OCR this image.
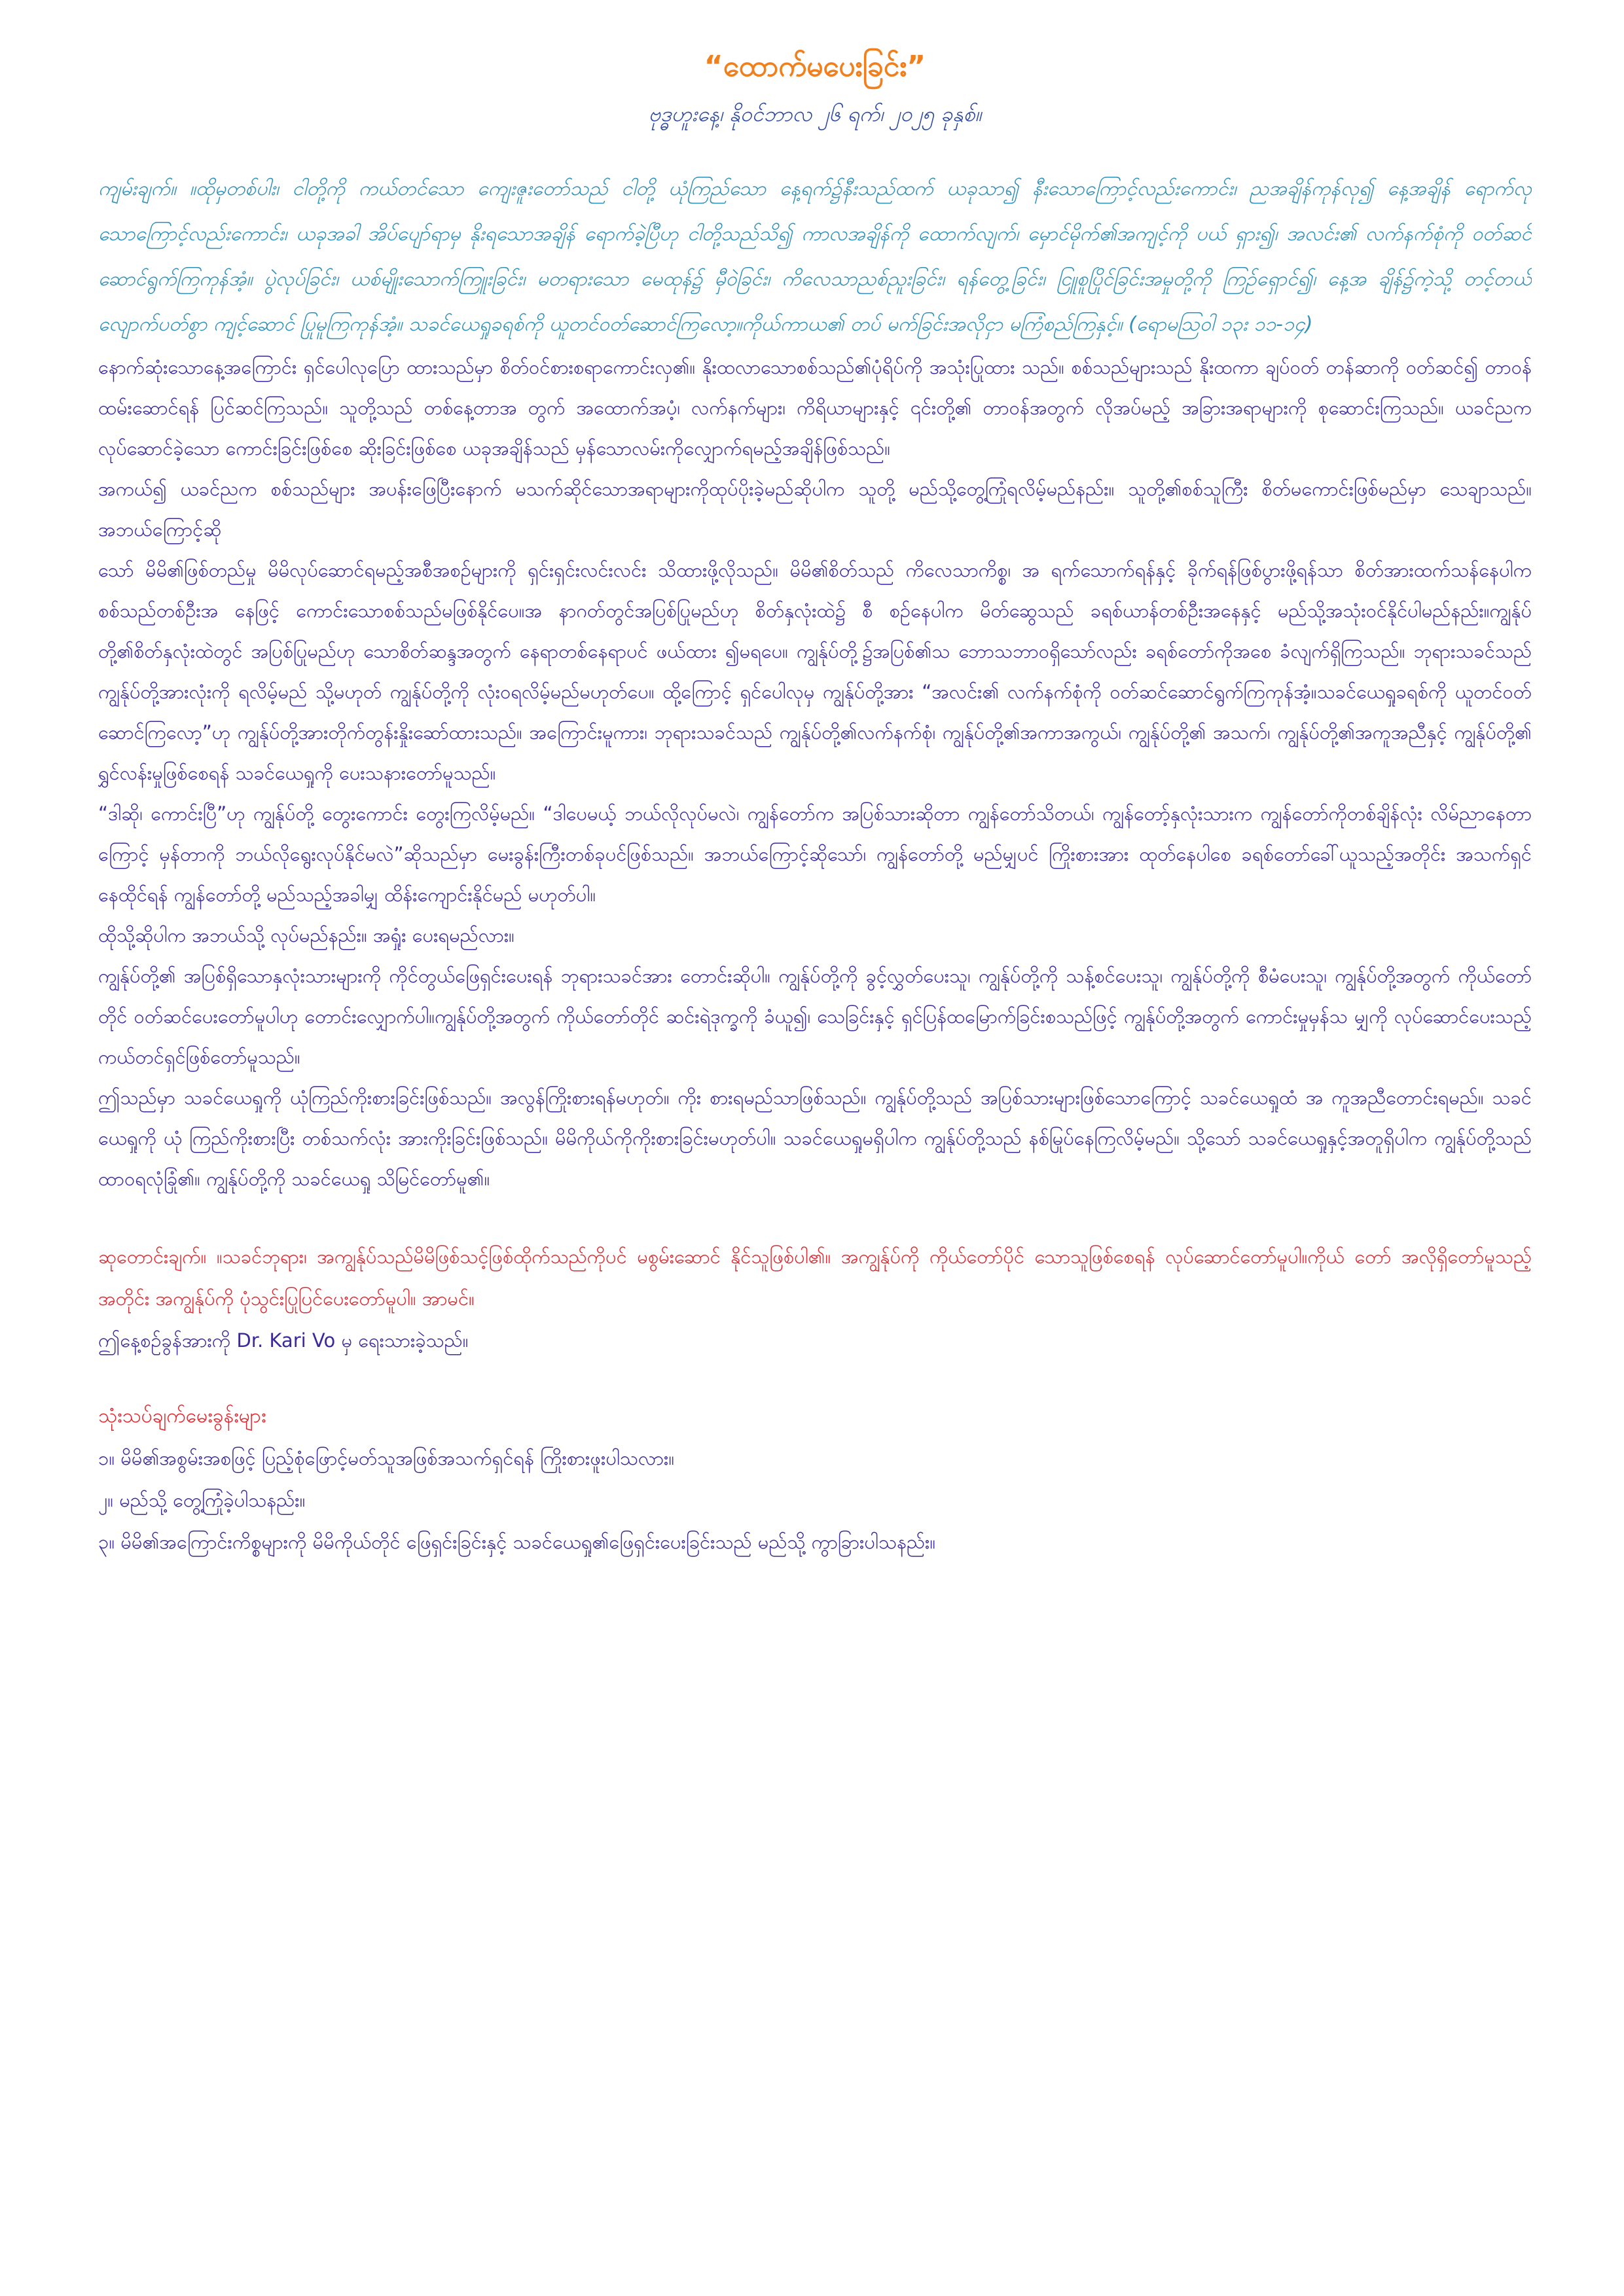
“ထောက်မပေးခြင်း”
ဗုဒ္ဓဟူးနေ့၊ နိုဝင်ဘာလ ၂၆ ရက်၊ ၂၀၂၅ ခုနှစ်။

ကျမ်းချက်။ ။ထိုမှတစ်ပါး၊ ငါတို့ကို ကယ်တင်သော ကျေးဇူးတော်သည် ငါတို့ ယုံကြည်သော နေ့ရက်၌နီးသည်ထက် ယခုသာ၍ နီးသောကြောင့်လည်းကောင်း၊ ညအချိန်ကုန်လု၍ နေ့အချိန် ရောက်လုသောကြောင့်လည်းကောင်း၊ ယခုအခါ အိပ်ပျော်ရာမှ နိုးရသောအချိန် ရောက်ခဲ့ပြီဟု ငါတို့သည်သိ၍ ကာလအချိန်ကို ထောက်လျက်၊ မှောင်မိုက်၏အကျင့်ကို ပယ် ရှား၍၊ အလင်း၏ လက်နက်စုံကို ဝတ်ဆင်ဆောင်ရွက်ကြကုန်အံ့။ ပွဲလုပ်ခြင်း၊ ယစ်မျိုးသောက်ကြူးခြင်း၊ မတရားသော မေထုန်၌ မှီဝဲခြင်း၊ ကိလေသာညစ်ညူးခြင်း၊ ရန်တွေ့ခြင်း၊ ငြူစူပြိုင်ခြင်းအမှုတို့ကို ကြဉ်ရှောင်၍၊ နေ့အ ချိန်၌ကဲ့သို့ တင့်တယ်လျောက်ပတ်စွာ ကျင့်ဆောင် ပြုမူကြကုန်အံ့။ သခင်ယေရှုခရစ်ကို ယူတင်ဝတ်ဆောင်ကြလော့။ကိုယ်ကာယ၏ တပ် မက်ခြင်းအလိုငှာ မကြံစည်ကြနှင့်။ (ရောမဩဝါ ၁၃း ၁၁-၁၄)

နောက်ဆုံးသောနေ့အကြောင်း ရှင်ပေါလုပြော ထားသည်မှာ စိတ်ဝင်စားစရာကောင်းလှ၏။ နိုးထလာသောစစ်သည်၏ပုံရိပ်ကို အသုံးပြုထား သည်။ စစ်သည်များသည် နိုးထကာ ချပ်ဝတ် တန်ဆာကို ဝတ်ဆင်၍ တာဝန်ထမ်းဆောင်ရန် ပြင်ဆင်ကြသည်။ သူတို့သည် တစ်နေ့တာအ တွက် အထောက်အပံ့၊ လက်နက်များ၊ ကိရိယာများနှင့် ၎င်းတို့၏ တာဝန်အတွက် လိုအပ်မည့် အခြားအရာများကို စုဆောင်းကြသည်။ ယခင်ညက လုပ်ဆောင်ခဲ့သော ကောင်းခြင်းဖြစ်စေ ဆိုးခြင်းဖြစ်စေ ယခုအချိန်သည် မှန်သောလမ်းကိုလျှောက်ရမည့်အချိန်ဖြစ်သည်။

အကယ်၍ ယခင်ညက စစ်သည်များ အပန်းဖြေပြီးနောက် မသက်ဆိုင်သောအရာများကိုထုပ်ပိုးခဲ့မည်ဆိုပါက သူတို့ မည်သို့တွေ့ကြုံရလိမ့်မည်နည်း။ သူတို့၏စစ်သူကြီး စိတ်မကောင်းဖြစ်မည်မှာ သေချာသည်။ အဘယ်ကြောင့်ဆို

သော် မိမိ၏ဖြစ်တည်မှု မိမိလုပ်ဆောင်ရမည့်အစီအစဉ်များကို ရှင်းရှင်းလင်းလင်း သိထားဖို့လိုသည်။ မိမိ၏စိတ်သည် ကိလေသာကိစ္စ၊ အ ရက်သောက်ရန်နှင့် ခိုက်ရန်ဖြစ်ပွားဖို့ရန်သာ စိတ်အားထက်သန်နေပါက စစ်သည်တစ်ဦးအ နေဖြင့် ကောင်းသောစစ်သည်မဖြစ်နိုင်ပေ။အ နာဂတ်တွင်အပြစ်ပြုမည်ဟု စိတ်နှလုံးထဲ၌ စီ စဉ်နေပါက မိတ်ဆွေသည် ခရစ်ယာန်တစ်ဦးအနေနှင့် မည်သို့အသုံးဝင်နိုင်ပါမည်နည်း။ကျွန်ုပ်တို့၏စိတ်နှလုံးထဲတွင် အပြစ်ပြုမည်ဟု သောစိတ်ဆန္ဒအတွက် နေရာတစ်နေရာပင် ဖယ်ထား ၍မရပေ။ ကျွန်ုပ်တို့၌အပြစ်၏သ ဘောသဘာဝရှိသော်လည်း ခရစ်တော်ကိုအစေ ခံလျက်ရှိကြသည်။ ဘုရားသခင်သည် ကျွန်ုပ်တို့အားလုံးကို ရလိမ့်မည် သို့မဟုတ် ကျွန်ုပ်တို့ကို လုံးဝရလိမ့်မည်မဟုတ်ပေ။ ထို့ကြောင့် ရှင်ပေါလုမှ ကျွန်ုပ်တို့အား “အလင်း၏ လက်နက်စုံကို ဝတ်ဆင်ဆောင်ရွက်ကြကုန်အံ့။သခင်ယေရှုခရစ်ကို ယူတင်ဝတ်ဆောင်ကြလော့”ဟု ကျွန်ုပ်တို့အားတိုက်တွန်းနှိုးဆော်ထားသည်။ အကြောင်းမူကား၊ ဘုရားသခင်သည် ကျွန်ုပ်တို့၏လက်နက်စုံ၊ ကျွန်ုပ်တို့၏အကာအကွယ်၊ ကျွန်ုပ်တို့၏ အသက်၊ ကျွန်ုပ်တို့၏အကူအညီနှင့် ကျွန်ုပ်တို့၏ ရွှင်လန်းမှုဖြစ်စေရန် သခင်ယေရှုကို ပေးသနားတော်မူသည်။

“ဒါဆို၊ ကောင်းပြီ”ဟု ကျွန်ုပ်တို့ တွေးကောင်း တွေးကြလိမ့်မည်။ “ဒါပေမယ့် ဘယ်လိုလုပ်မလဲ၊ ကျွန်တော်က အပြစ်သားဆိုတာ ကျွန်တော်သိတယ်၊ ကျွန်တော့်နှလုံးသားက ကျွန်တော်ကိုတစ်ချိန်လုံး လိမ်ညာနေတာကြောင့် မှန်တာကို ဘယ်လိုရွေးလုပ်နိုင်မလဲ”ဆိုသည်မှာ မေးခွန်းကြီးတစ်ခုပင်ဖြစ်သည်။ အဘယ်ကြောင့်ဆိုသော်၊ ကျွန်တော်တို့ မည်မျှပင် ကြိုးစားအား ထုတ်နေပါစေ ခရစ်တော်ခေါ်ယူသည့်အတိုင်း အသက်ရှင်နေထိုင်ရန် ကျွန်တော်တို့ မည်သည့်အခါမျှ ထိန်းကျောင်းနိုင်မည် မဟုတ်ပါ။

ထိုသို့ဆိုပါက အဘယ်သို့ လုပ်မည်နည်း။ အရှုံး ပေးရမည်လား။

ကျွန်ုပ်တို့၏ အပြစ်ရှိသောနှလုံးသားများကို ကိုင်တွယ်ဖြေရှင်းပေးရန် ဘုရားသခင်အား တောင်းဆိုပါ။ ကျွန်ုပ်တို့ကို ခွင့်လွှတ်ပေးသူ၊ ကျွန်ုပ်တို့ကို သန့်စင်ပေးသူ၊ ကျွန်ုပ်တို့ကို စီမံပေးသူ၊ ကျွန်ုပ်တို့အတွက် ကိုယ်တော်တိုင် ဝတ်ဆင်ပေးတော်မူပါဟု တောင်းလျှောက်ပါ။ကျွန်ုပ်တို့အတွက် ကိုယ်တော်တိုင် ဆင်းရဲဒုက္ခကို ခံယူ၍၊ သေခြင်းနှင့် ရှင်ပြန်ထမြောက်ခြင်းစသည်ဖြင့် ကျွန်ုပ်တို့အတွက် ကောင်းမှုမှန်သ မျှကို လုပ်ဆောင်ပေးသည့် ကယ်တင်ရှင်ဖြစ်တော်မူသည်။

ဤသည်မှာ သခင်ယေရှုကို ယုံကြည်ကိုးစားခြင်းဖြစ်သည်။ အလွန်ကြိုးစားရန်မဟုတ်။ ကိုး စားရမည်သာဖြစ်သည်။ ကျွန်ုပ်တို့သည် အပြစ်သားများဖြစ်သောကြောင့် သခင်ယေရှုထံ အ ကူအညီတောင်းရမည်။ သခင်ယေရှုကို ယုံ ကြည်ကိုးစားပြီး တစ်သက်လုံး အားကိုးခြင်းဖြစ်သည်။ မိမိကိုယ်ကိုကိုးစားခြင်းမဟုတ်ပါ။ သခင်ယေရှုမရှိပါက ကျွန်ုပ်တို့သည် နစ်မြုပ်နေကြလိမ့်မည်။ သို့သော် သခင်ယေရှုနှင့်အတူရှိပါက ကျွန်ုပ်တို့သည် ထာဝရလုံခြုံ၏။ ကျွန်ုပ်တို့ကို သခင်ယေရှု သိမြင်တော်မူ၏။

ဆုတောင်းချက်။ ။သခင်ဘုရား၊ အကျွန်ုပ်သည်မိမိဖြစ်သင့်ဖြစ်ထိုက်သည်ကိုပင် မစွမ်းဆောင် နိုင်သူဖြစ်ပါ၏။ အကျွန်ုပ်ကို ကိုယ်တော်ပိုင် သောသူဖြစ်စေရန် လုပ်ဆောင်တော်မူပါ။ကိုယ် တော် အလိုရှိတော်မူသည့်အတိုင်း အကျွန်ုပ်ကို ပုံသွင်းပြုပြင်ပေးတော်မူပါ။ အာမင်။

ဤနေ့စဉ်ခွန်အားကို Dr. Kari Vo မှ ရေးသားခဲ့သည်။

သုံးသပ်ချက်မေးခွန်းများ
၁။ မိမိ၏အစွမ်းအစဖြင့် ပြည့်စုံဖြောင့်မတ်သူအဖြစ်အသက်ရှင်ရန် ကြိုးစားဖူးပါသလား။
၂။ မည်သို့ တွေ့ကြုံခဲ့ပါသနည်း။
၃။ မိမိ၏အကြောင်းကိစ္စများကို မိမိကိုယ်တိုင် ဖြေရှင်းခြင်းနှင့် သခင်ယေရှု၏ဖြေရှင်းပေးခြင်းသည် မည်သို့ ကွာခြားပါသနည်း။
